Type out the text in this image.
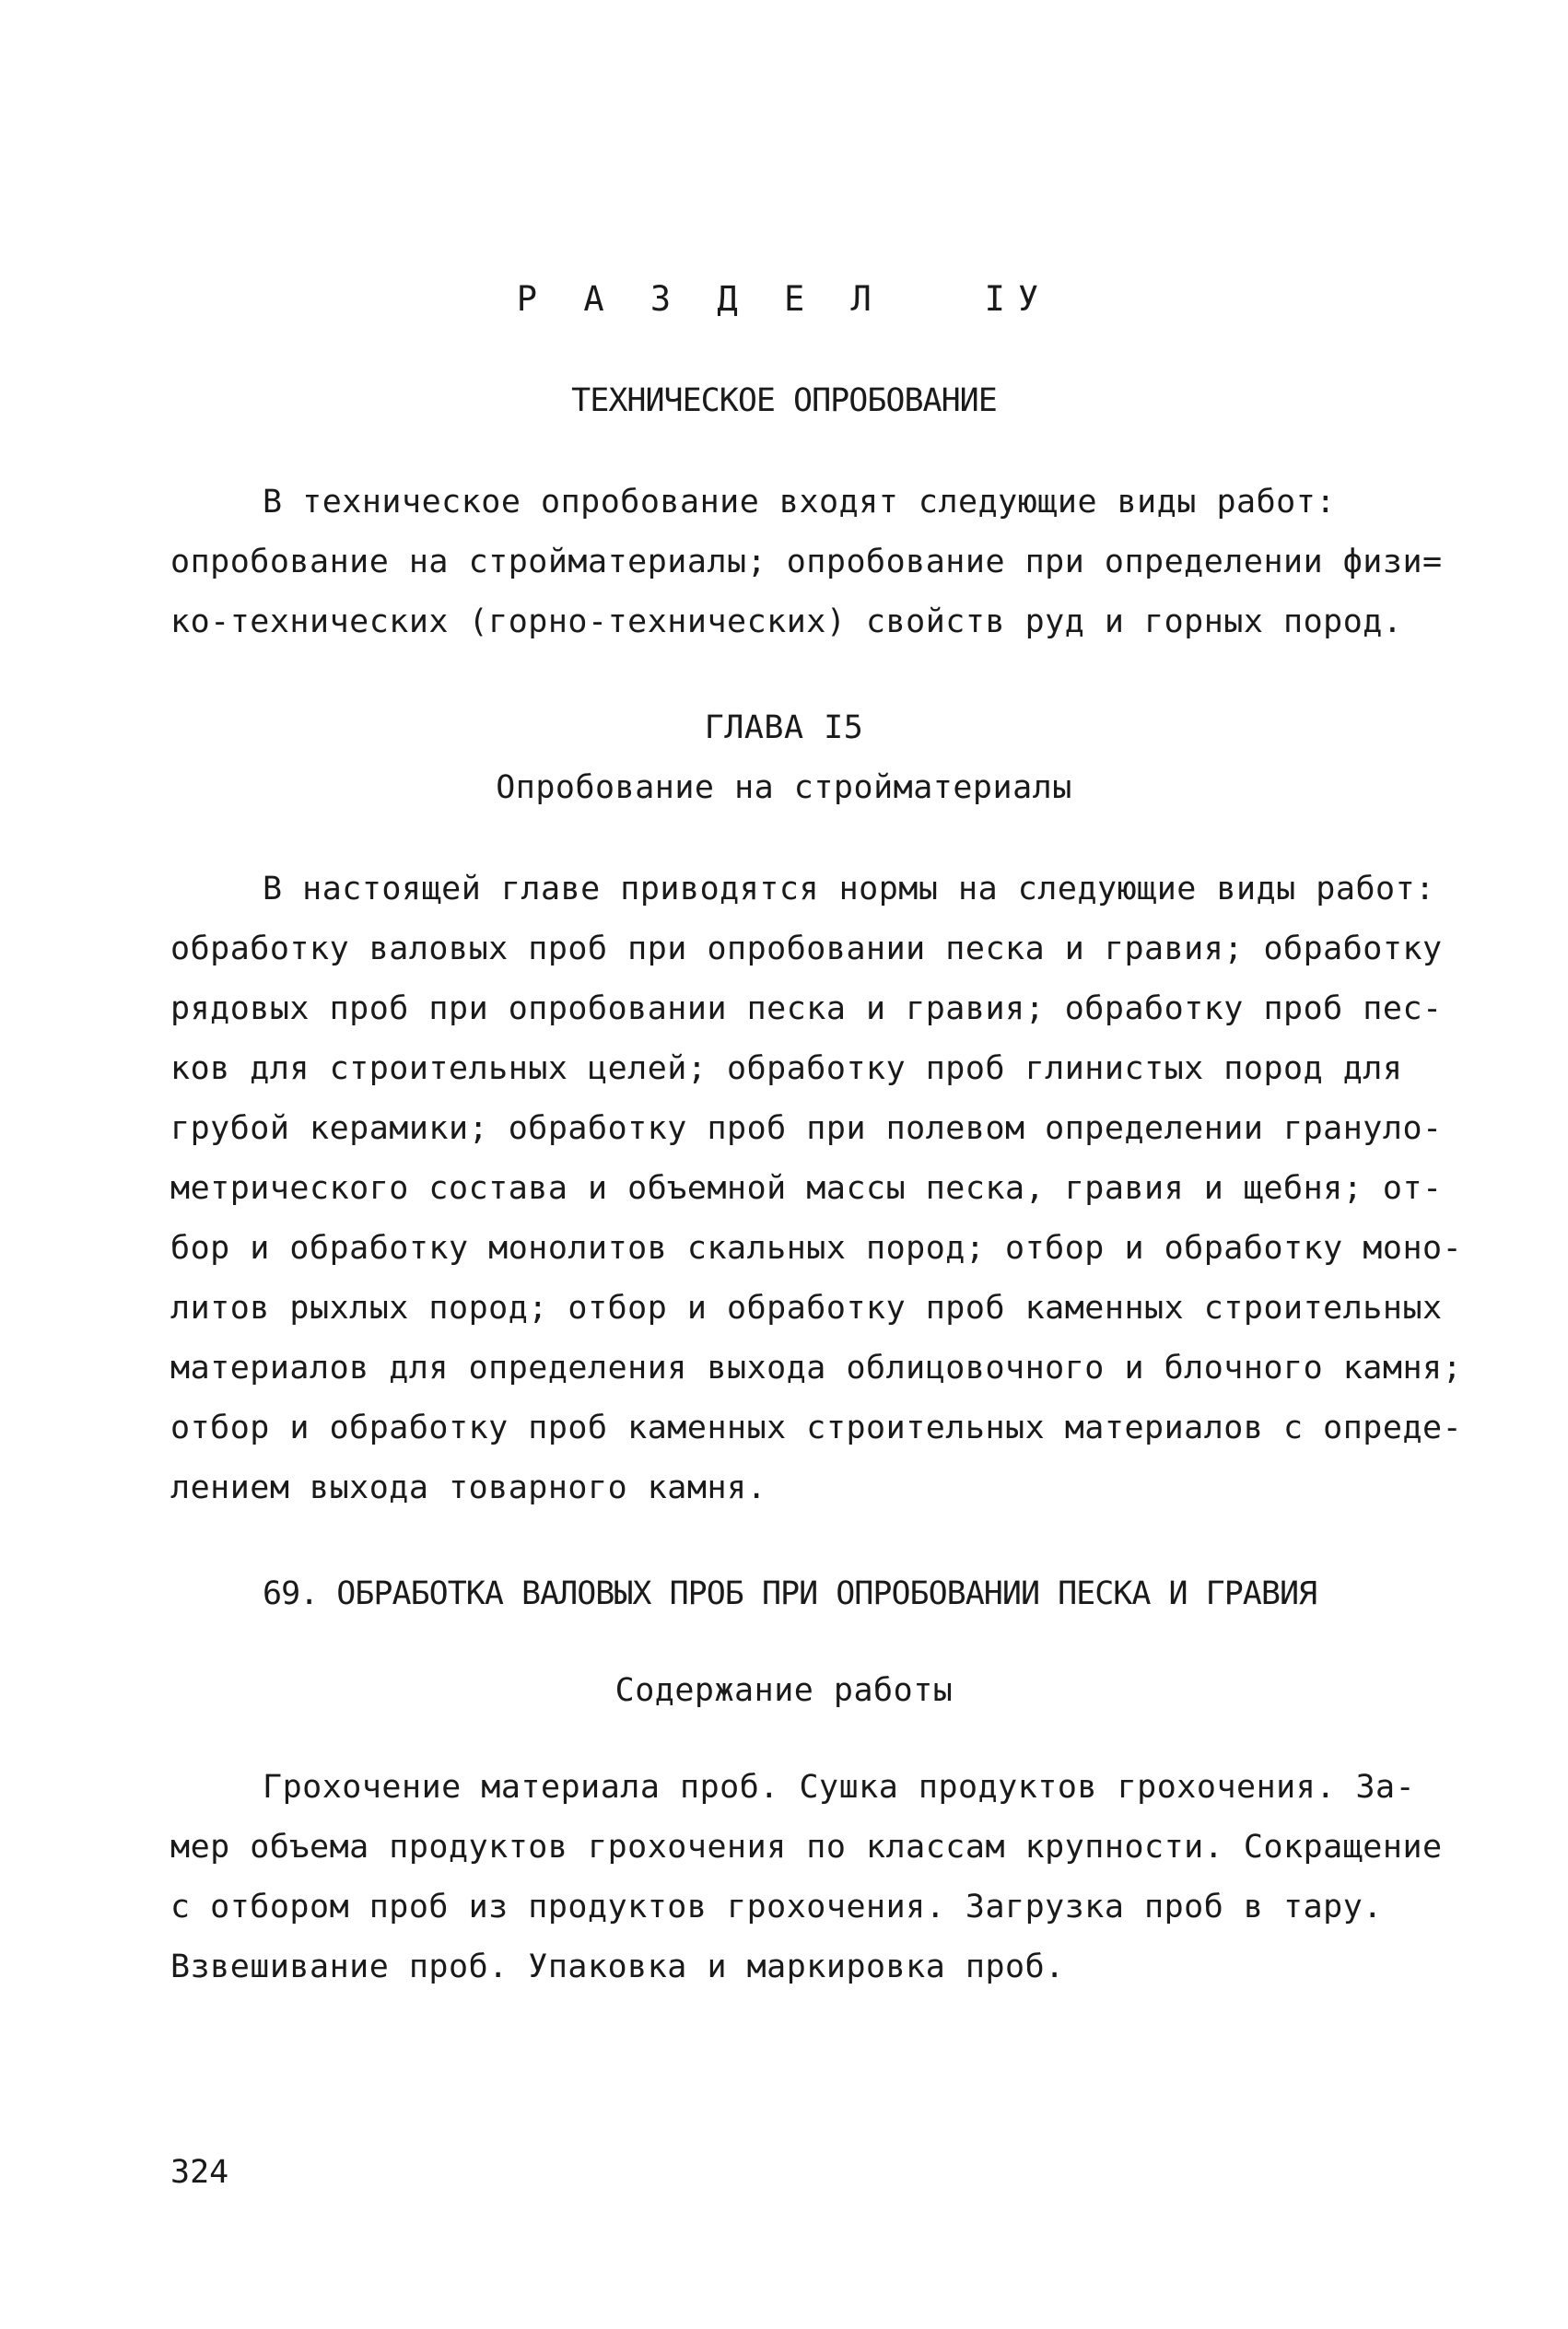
Р А З Д Е Л   IУ
ТЕХНИЧЕСКОЕ ОПРОБОВАНИЕ
В техническое опробование входят следующие виды работ:
опробование на стройматериалы; опробование при определении физи=
ко-технических (горно-технических) свойств руд и горных пород.
ГЛАВА I5
Опробование на стройматериалы
В настоящей главе приводятся нормы на следующие виды работ:
обработку валовых проб при опробовании песка и гравия; обработку
рядовых проб при опробовании песка и гравия; обработку проб пес-
ков для строительных целей; обработку проб глинистых пород для
грубой керамики; обработку проб при полевом определении грануло-
метрического состава и объемной массы песка, гравия и щебня; от-
бор и обработку монолитов скальных пород; отбор и обработку моно-
литов рыхлых пород; отбор и обработку проб каменных строительных
материалов для определения выхода облицовочного и блочного камня;
отбор и обработку проб каменных строительных материалов с опреде-
лением выхода товарного камня.
69. ОБРАБОТКА ВАЛОВЫХ ПРОБ ПРИ ОПРОБОВАНИИ ПЕСКА И ГРАВИЯ
Содержание работы
Грохочение материала проб. Сушка продуктов грохочения. За-
мер объема продуктов грохочения по классам крупности. Сокращение
с отбором проб из продуктов грохочения. Загрузка проб в тару.
Взвешивание проб. Упаковка и маркировка проб.
324
